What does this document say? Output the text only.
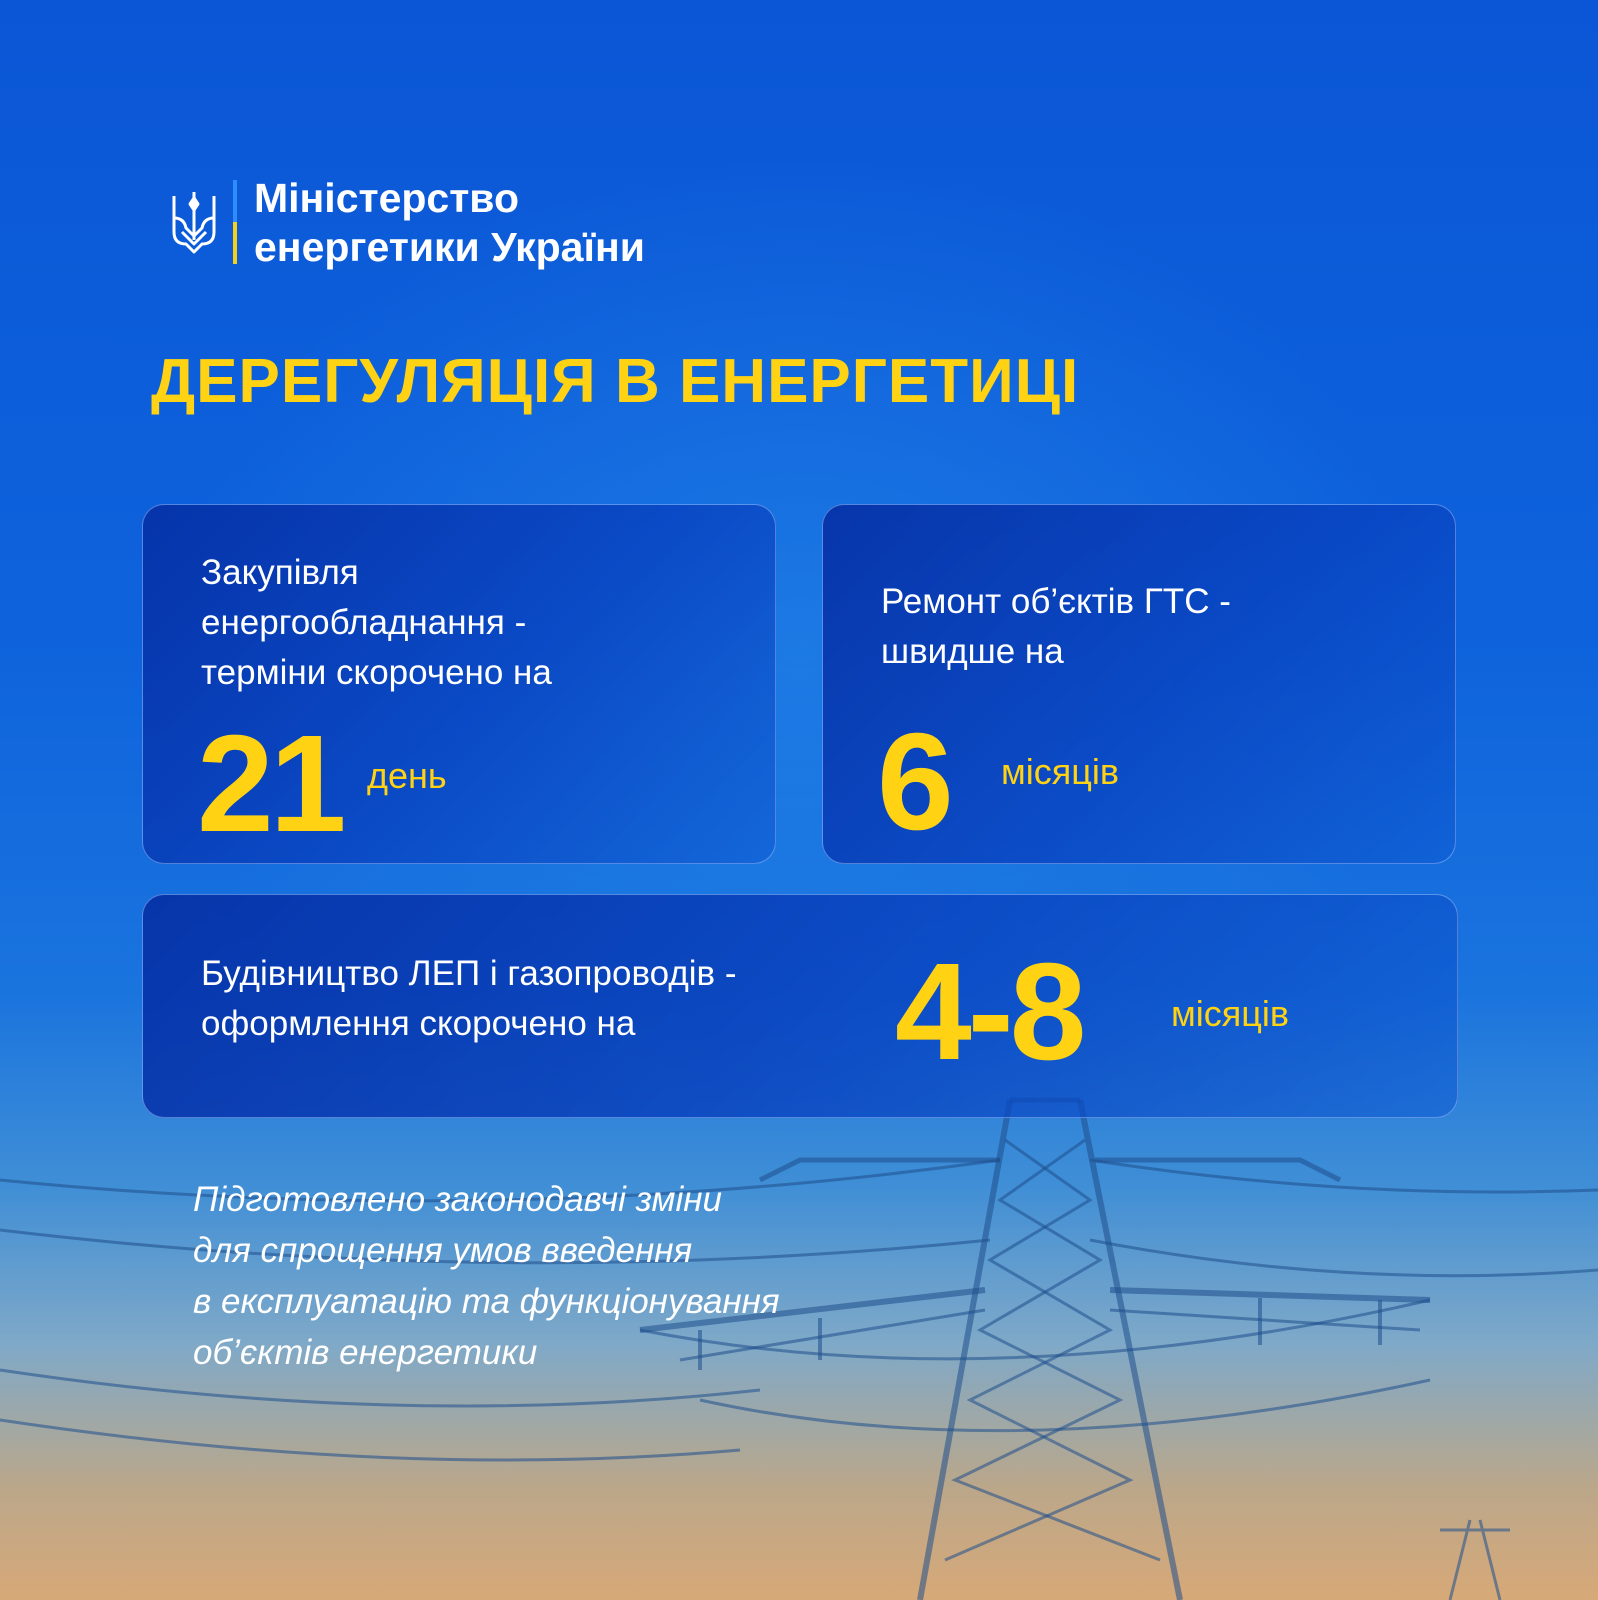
Міністерство
енергетики України
ДЕРЕГУЛЯЦІЯ В ЕНЕРГЕТИЦІ
Закупівля
енергообладнання -
терміни скорочено на
21 день
Ремонт об’єктів ГТС -
швидше на
6 місяців
Будівництво ЛЕП і газопроводів -
оформлення скорочено на	4-8 місяців
Підготовлено законодавчі зміни
для спрощення умов введення
в експлуатацію та функціонування
об’єктів енергетики
